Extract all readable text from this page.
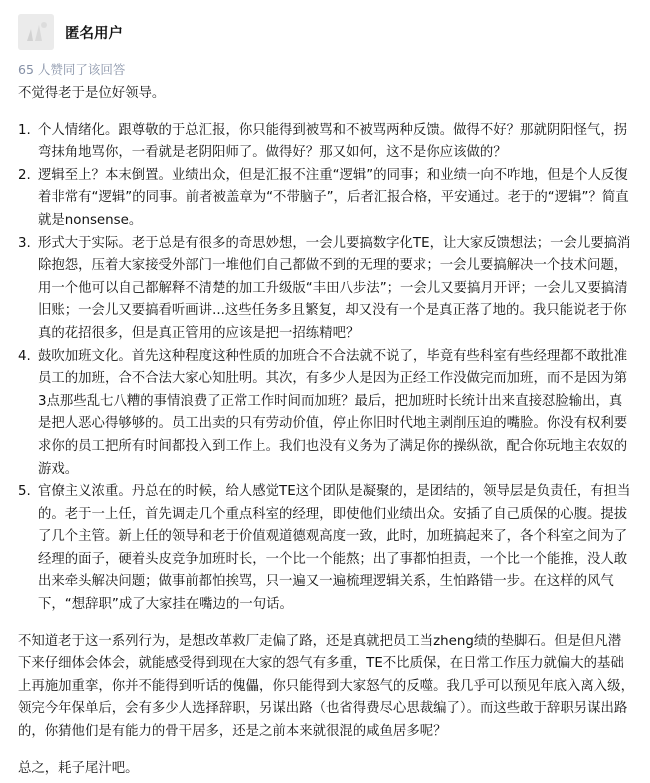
匿名用户
65 人赞同了该回答

不觉得老于是位好领导。

1. 个人情绪化。跟尊敬的于总汇报，你只能得到被骂和不被骂两种反馈。做得不好？那就阴阳怪气，拐弯抹角地骂你，一看就是老阴阳师了。做得好？那又如何，这不是你应该做的？
2. 逻辑至上？本末倒置。业绩出众，但是汇报不注重“逻辑”的同事；和业绩一向不咋地，但是个人反復着非常有“逻辑”的同事。前者被盖章为“不带脑子”，后者汇报合格，平安通过。老于的“逻辑”？简直就是nonsense。
3. 形式大于实际。老于总是有很多的奇思妙想，一会儿要搞数字化TE，让大家反馈想法；一会儿要搞消除抱怨，压着大家接受外部门一堆他们自己都做不到的无理的要求；一会儿要搞解决一个技术问题，用一个他可以自己都解释不清楚的加工升级版“丰田八步法”；一会儿又要搞月开评；一会儿又要搞清旧账；一会儿又要搞看听画讲...这些任务多且繁复，却又没有一个是真正落了地的。我只能说老于你真的花招很多，但是真正管用的应该是把一招练精吧？
4. 鼓吹加班文化。首先这种程度这种性质的加班合不合法就不说了，毕竟有些科室有些经理都不敢批准员工的加班，合不合法大家心知肚明。其次，有多少人是因为正经工作没做完而加班，而不是因为第3点那些乱七八糟的事情浪费了正常工作时间而加班？最后，把加班时长统计出来直接怼脸输出，真是把人恶心得够够的。员工出卖的只有劳动价值，停止你旧时代地主剥削压迫的嘴脸。你没有权利要求你的员工把所有时间都投入到工作上。我们也没有义务为了满足你的操纵欲，配合你玩地主农奴的游戏。
5. 官僚主义浓重。丹总在的时候，给人感觉TE这个团队是凝聚的，是团结的，领导层是负责任，有担当的。老于一上任，首先调走几个重点科室的经理，即使他们业绩出众。安插了自己质保的心腹。提拔了几个主管。新上任的领导和老于价值观道德观高度一致，此时，加班搞起来了，各个科室之间为了经理的面子，硬着头皮竞争加班时长，一个比一个能熬；出了事都怕担责，一个比一个能推，没人敢出来牵头解决问题；做事前都怕挨骂，只一遍又一遍梳理逻辑关系，生怕路错一步。在这样的风气下，“想辞职”成了大家挂在嘴边的一句话。

不知道老于这一系列行为，是想改革救厂走偏了路，还是真就把员工当zheng绩的垫脚石。但是但凡潜下来仔细体会体会，就能感受得到现在大家的怨气有多重，TE不比质保，在日常工作压力就偏大的基础上再施加重挛，你并不能得到听话的傀儡，你只能得到大家怒气的反噬。我几乎可以预见年底入离入级，领完今年保单后，会有多少人选择辞职，另谋出路（也省得费尽心思裁编了）。而这些敢于辞职另谋出路的，你猜他们是有能力的骨干居多，还是之前本来就很混的咸鱼居多呢？

总之，耗子尾汁吧。
